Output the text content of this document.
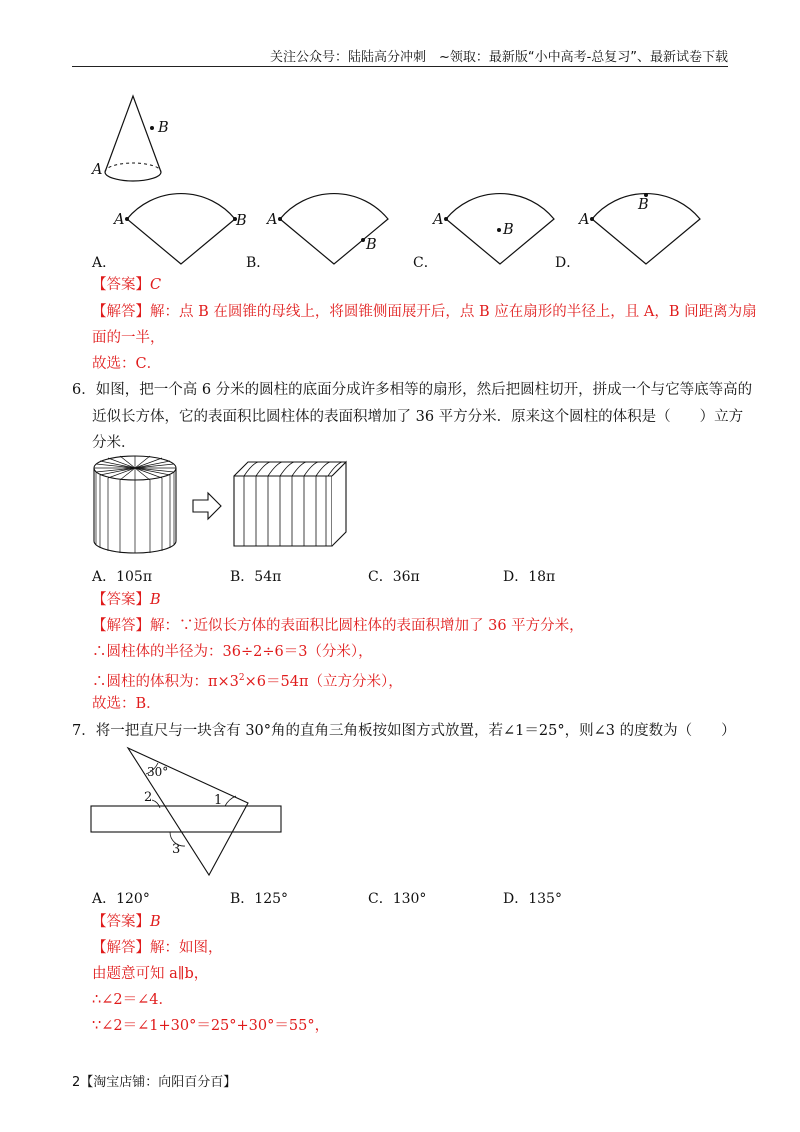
关注公众号：陆陆高分冲刺　~领取：最新版“小中高考-总复习”、最新试卷下载
B
A
A	B
A．
A
B
B．
A
B
C．
A
B
D．
【答案】C
【解答】解：点 B 在圆锥的母线上，将圆锥侧面展开后，点 B 应在扇形的半径上，且 A，B 间距离为扇
面的一半，
故选：C．
6．如图，把一个高 6 分米的圆柱的底面分成许多相等的扇形，然后把圆柱切开，拼成一个与它等底等高的
近似长方体，它的表面积比圆柱体的表面积增加了 36 平方分米．原来这个圆柱的体积是（　　）立方
分米．
A．105π	B．54π	C．36π	D．18π
【答案】B
【解答】解：∵近似长方体的表面积比圆柱体的表面积增加了 36 平方分米，
∴圆柱体的半径为：36÷2÷6＝3（分米），
∴圆柱的体积为：$\pi\times 3^2\times 6=54\pi$（立方分米），
故选：B．
7．将一把直尺与一块含有 30°角的直角三角板按如图方式放置，若∠1＝25°，则∠3 的度数为（　　）
30°
2	1
3
A．120°	B．125°	C．130°	D．135°
【答案】B
【解答】解：如图，
由题意可知 a∥b，
∴∠2＝∠4．
∵∠2＝∠1+30°＝25°+30°＝55°，
2【淘宝店铺：向阳百分百】
